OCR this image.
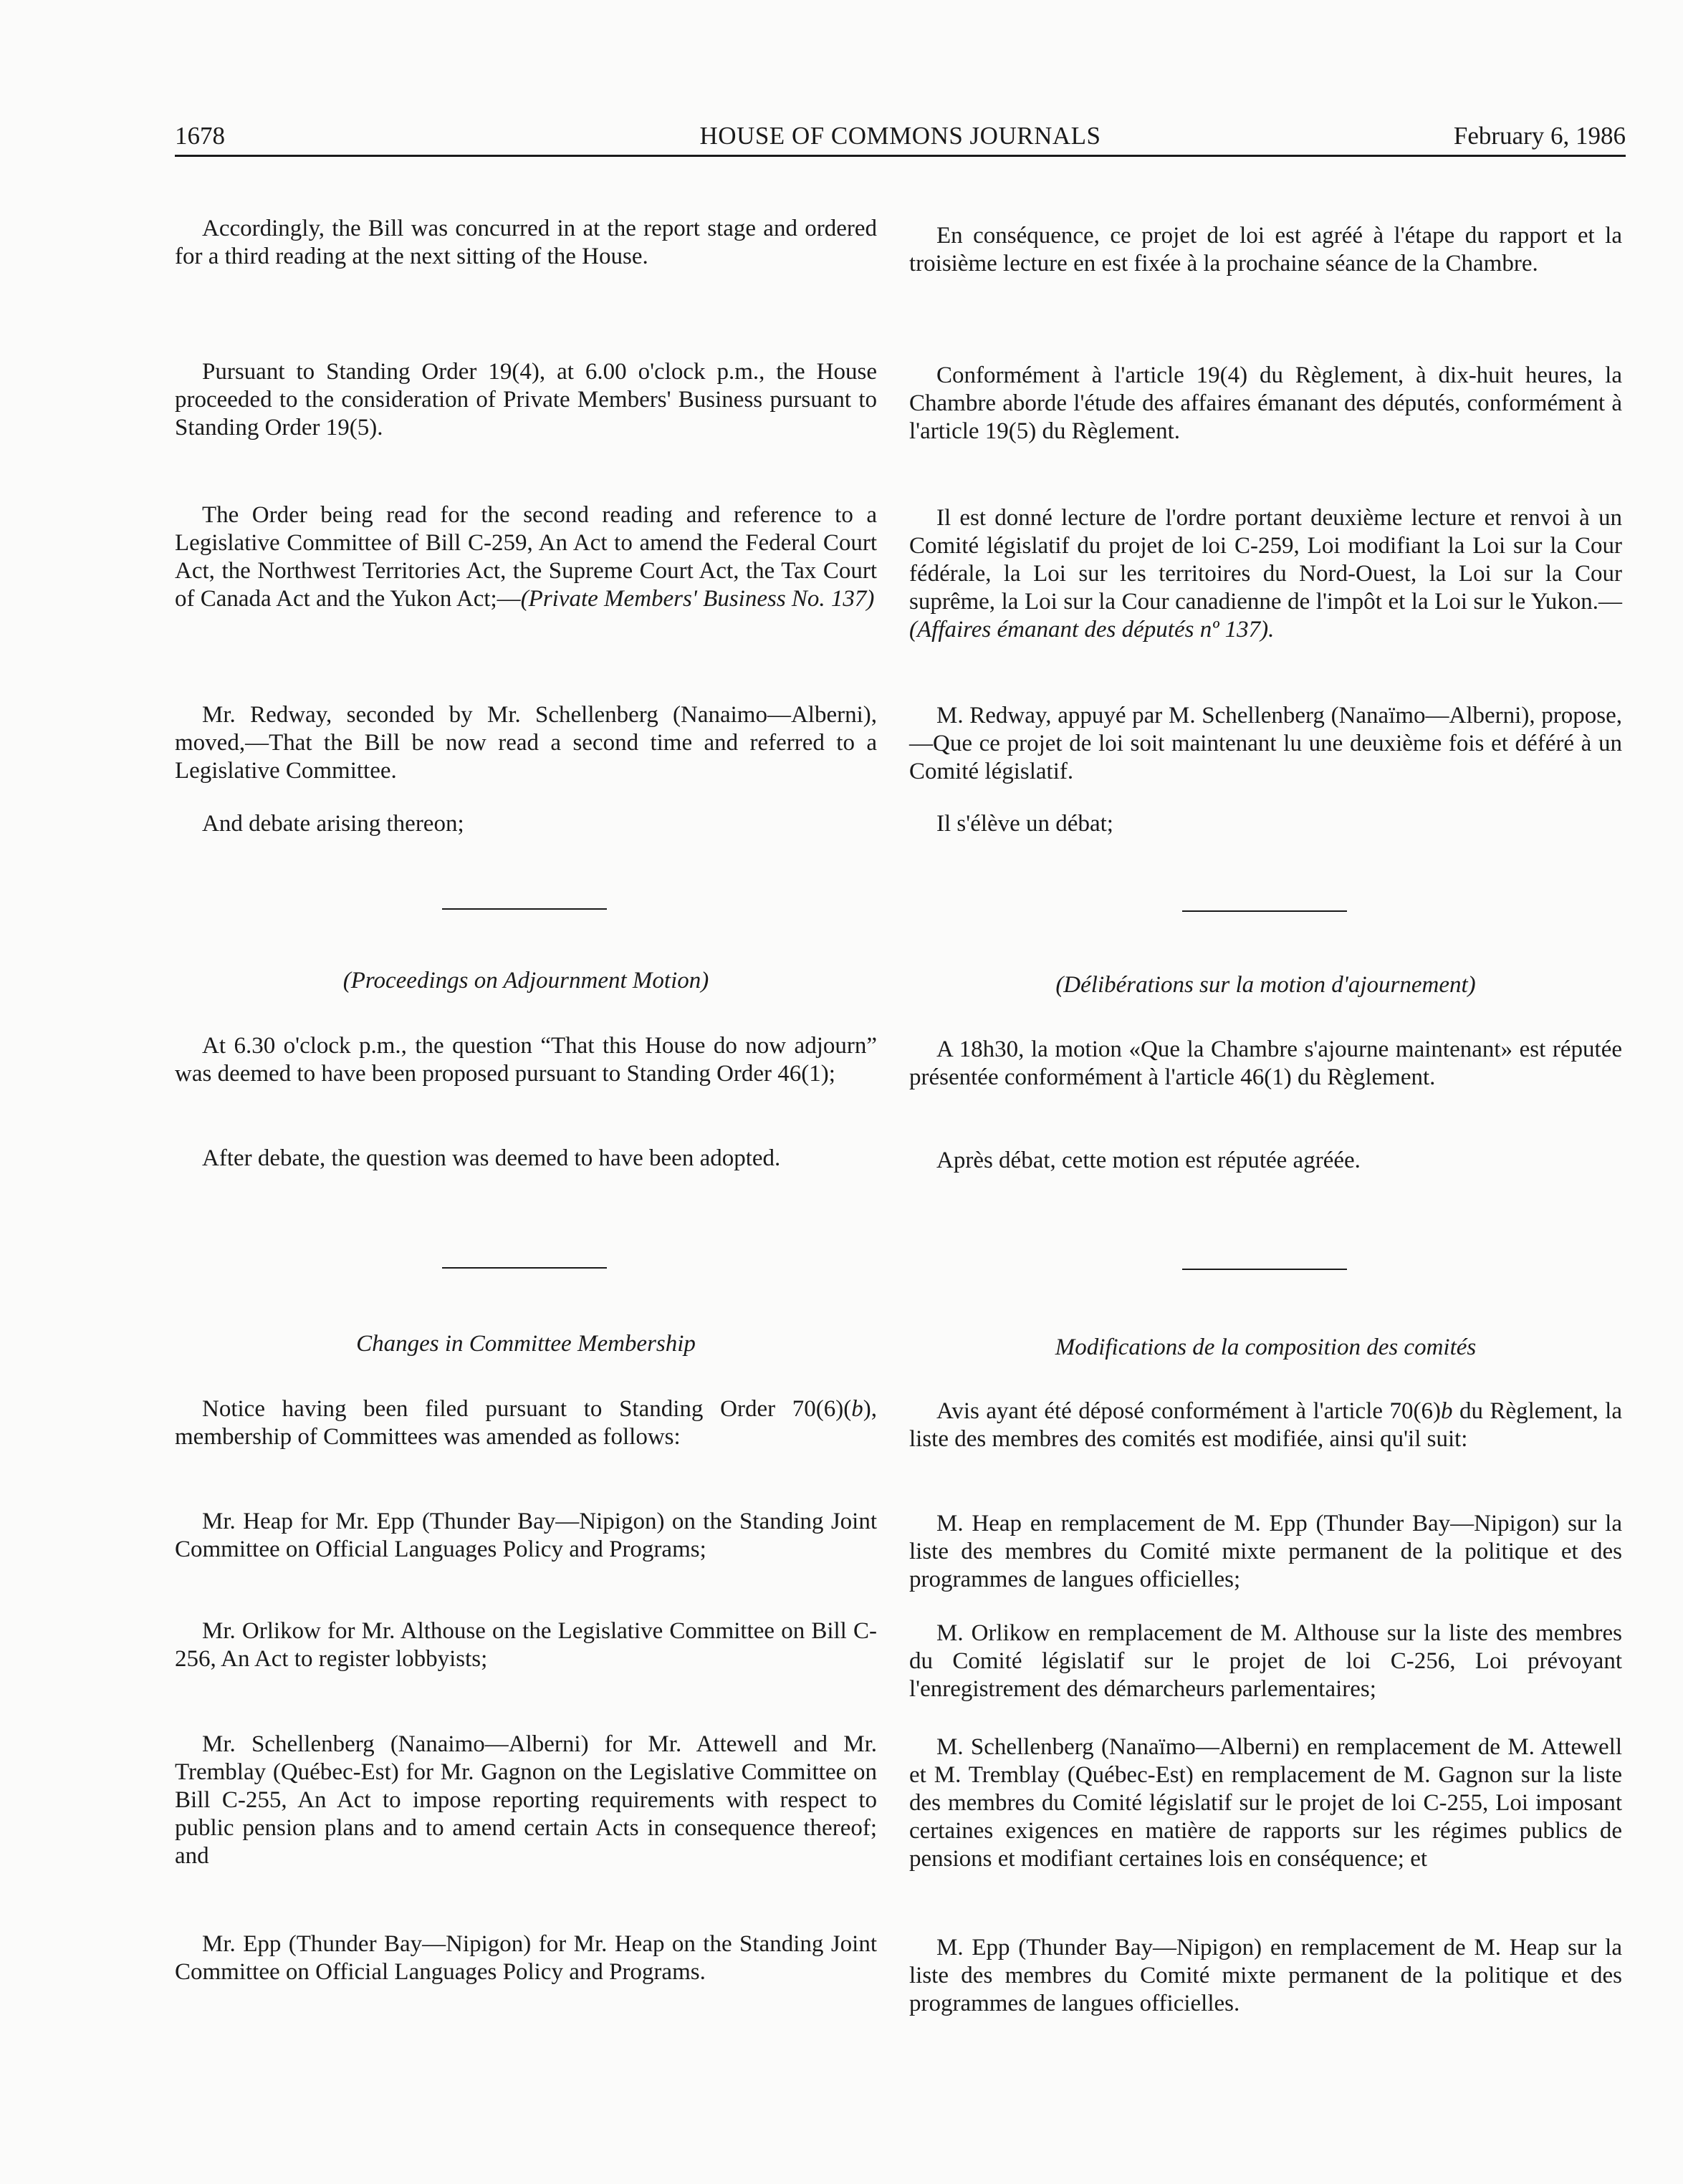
1678	HOUSE OF COMMONS JOURNALS	February 6, 1986

Accordingly, the Bill was concurred in at the report stage and ordered for a third reading at the next sitting of the House.

Pursuant to Standing Order 19(4), at 6.00 o'clock p.m., the House proceeded to the consideration of Private Members' Business pursuant to Standing Order 19(5).

The Order being read for the second reading and reference to a Legislative Committee of Bill C-259, An Act to amend the Federal Court Act, the Northwest Territories Act, the Supreme Court Act, the Tax Court of Canada Act and the Yukon Act;—(Private Members' Business No. 137)

Mr. Redway, seconded by Mr. Schellenberg (Nanaimo—Alberni), moved,—That the Bill be now read a second time and referred to a Legislative Committee.

And debate arising thereon;

(Proceedings on Adjournment Motion)

At 6.30 o'clock p.m., the question “That this House do now adjourn” was deemed to have been proposed pursuant to Standing Order 46(1);

After debate, the question was deemed to have been adopted.

Changes in Committee Membership

Notice having been filed pursuant to Standing Order 70(6)(b), membership of Committees was amended as follows:

Mr. Heap for Mr. Epp (Thunder Bay—Nipigon) on the Standing Joint Committee on Official Languages Policy and Programs;

Mr. Orlikow for Mr. Althouse on the Legislative Committee on Bill C-256, An Act to register lobbyists;

Mr. Schellenberg (Nanaimo—Alberni) for Mr. Attewell and Mr. Tremblay (Québec-Est) for Mr. Gagnon on the Legislative Committee on Bill C-255, An Act to impose reporting requirements with respect to public pension plans and to amend certain Acts in consequence thereof; and

Mr. Epp (Thunder Bay—Nipigon) for Mr. Heap on the Standing Joint Committee on Official Languages Policy and Programs.

En conséquence, ce projet de loi est agréé à l'étape du rapport et la troisième lecture en est fixée à la prochaine séance de la Chambre.

Conformément à l'article 19(4) du Règlement, à dix-huit heures, la Chambre aborde l'étude des affaires émanant des députés, conformément à l'article 19(5) du Règlement.

Il est donné lecture de l'ordre portant deuxième lecture et renvoi à un Comité législatif du projet de loi C-259, Loi modifiant la Loi sur la Cour fédérale, la Loi sur les territoires du Nord-Ouest, la Loi sur la Cour suprême, la Loi sur la Cour canadienne de l'impôt et la Loi sur le Yukon.—(Affaires émanant des députés nº 137).

M. Redway, appuyé par M. Schellenberg (Nanaïmo—Alberni), propose,—Que ce projet de loi soit maintenant lu une deuxième fois et déféré à un Comité législatif.

Il s'élève un débat;

(Délibérations sur la motion d'ajournement)

A 18h30, la motion «Que la Chambre s'ajourne maintenant» est réputée présentée conformément à l'article 46(1) du Règlement.

Après débat, cette motion est réputée agréée.

Modifications de la composition des comités

Avis ayant été déposé conformément à l'article 70(6)b du Règlement, la liste des membres des comités est modifiée, ainsi qu'il suit:

M. Heap en remplacement de M. Epp (Thunder Bay—Nipigon) sur la liste des membres du Comité mixte permanent de la politique et des programmes de langues officielles;

M. Orlikow en remplacement de M. Althouse sur la liste des membres du Comité législatif sur le projet de loi C-256, Loi prévoyant l'enregistrement des démarcheurs parlementaires;

M. Schellenberg (Nanaïmo—Alberni) en remplacement de M. Attewell et M. Tremblay (Québec-Est) en remplacement de M. Gagnon sur la liste des membres du Comité législatif sur le projet de loi C-255, Loi imposant certaines exigences en matière de rapports sur les régimes publics de pensions et modifiant certaines lois en conséquence; et

M. Epp (Thunder Bay—Nipigon) en remplacement de M. Heap sur la liste des membres du Comité mixte permanent de la politique et des programmes de langues officielles.
